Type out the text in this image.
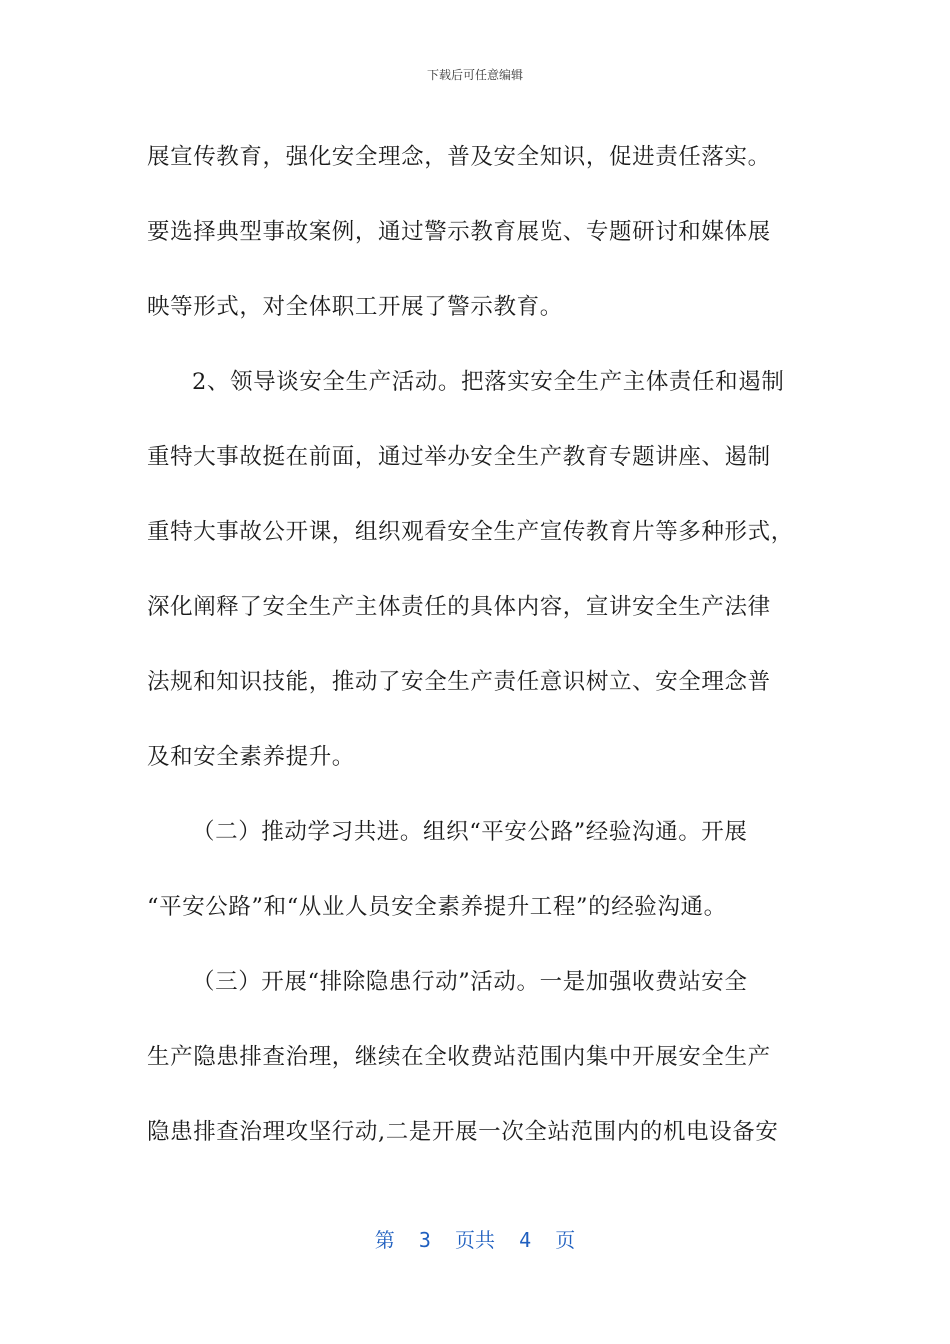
下载后可任意编辑
展宣传教育，强化安全理念，普及安全知识，促进责任落实。
要选择典型事故案例，通过警示教育展览、专题研讨和媒体展
映等形式，对全体职工开展了警示教育。
2、领导谈安全生产活动。把落实安全生产主体责任和遏制
重特大事故挺在前面，通过举办安全生产教育专题讲座、遏制
重特大事故公开课，组织观看安全生产宣传教育片等多种形式，
深化阐释了安全生产主体责任的具体内容，宣讲安全生产法律
法规和知识技能，推动了安全生产责任意识树立、安全理念普
及和安全素养提升。
（二）推动学习共进。组织“平安公路”经验沟通。开展
“平安公路”和“从业人员安全素养提升工程”的经验沟通。
（三）开展“排除隐患行动”活动。一是加强收费站安全
生产隐患排查治理，继续在全收费站范围内集中开展安全生产
隐患排查治理攻坚行动,二是开展一次全站范围内的机电设备安
第  3  页共  4  页
